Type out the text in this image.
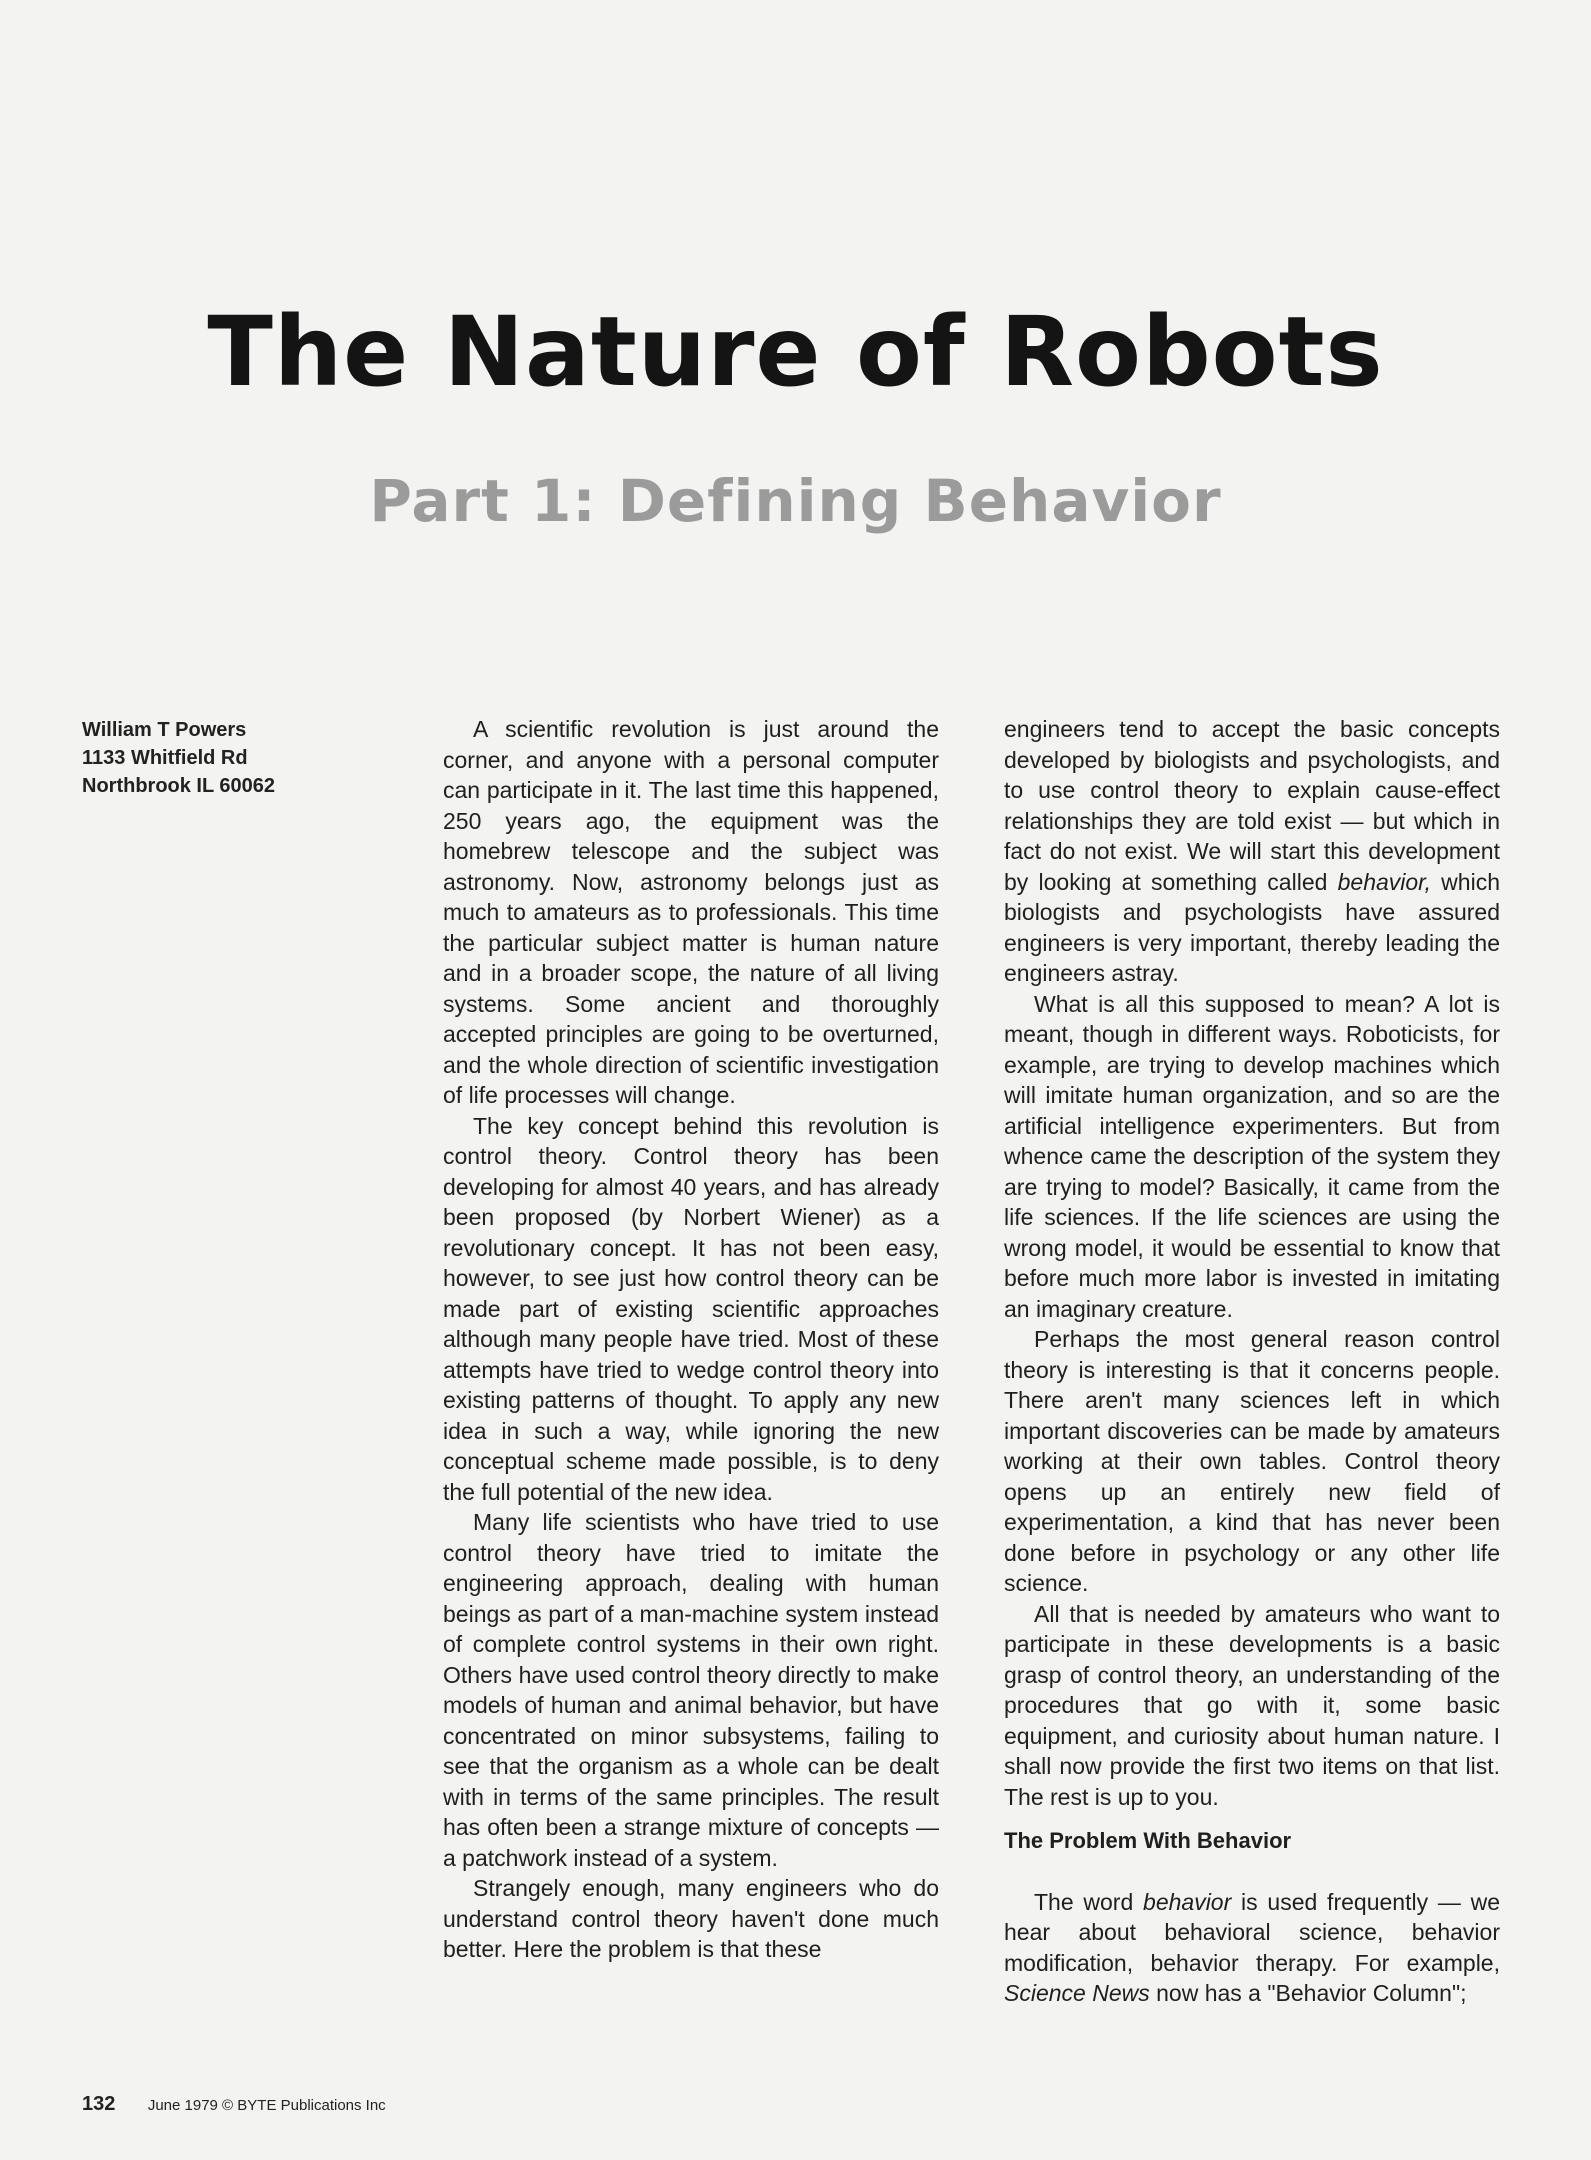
The Nature of Robots
Part 1: Defining Behavior
William T Powers
1133 Whitfield Rd
Northbrook IL 60062

A scientific revolution is just around the corner, and anyone with a personal computer can participate in it. The last time this happened, 250 years ago, the equipment was the homebrew telescope and the subject was astronomy. Now, astronomy belongs just as much to amateurs as to professionals. This time the particular subject matter is human nature and in a broader scope, the nature of all living systems. Some ancient and thoroughly accepted principles are going to be overturned, and the whole direction of scientific investigation of life processes will change.

The key concept behind this revolution is control theory. Control theory has been developing for almost 40 years, and has already been proposed (by Norbert Wiener) as a revolutionary concept. It has not been easy, however, to see just how control theory can be made part of existing scientific approaches although many people have tried. Most of these attempts have tried to wedge control theory into existing patterns of thought. To apply any new idea in such a way, while ignoring the new conceptual scheme made possible, is to deny the full potential of the new idea.

Many life scientists who have tried to use control theory have tried to imitate the engineering approach, dealing with human beings as part of a man-machine system instead of complete control systems in their own right. Others have used control theory directly to make models of human and animal behavior, but have concentrated on minor subsystems, failing to see that the organism as a whole can be dealt with in terms of the same principles. The result has often been a strange mixture of concepts — a patchwork instead of a system.

Strangely enough, many engineers who do understand control theory haven't done much better. Here the problem is that these

engineers tend to accept the basic concepts developed by biologists and psychologists, and to use control theory to explain cause-effect relationships they are told exist — but which in fact do not exist. We will start this development by looking at something called behavior, which biologists and psychologists have assured engineers is very important, thereby leading the engineers astray.

What is all this supposed to mean? A lot is meant, though in different ways. Roboticists, for example, are trying to develop machines which will imitate human organization, and so are the artificial intelligence experimenters. But from whence came the description of the system they are trying to model? Basically, it came from the life sciences. If the life sciences are using the wrong model, it would be essential to know that before much more labor is invested in imitating an imaginary creature.

Perhaps the most general reason control theory is interesting is that it concerns people. There aren't many sciences left in which important discoveries can be made by amateurs working at their own tables. Control theory opens up an entirely new field of experimentation, a kind that has never been done before in psychology or any other life science.

All that is needed by amateurs who want to participate in these developments is a basic grasp of control theory, an understanding of the procedures that go with it, some basic equipment, and curiosity about human nature. I shall now provide the first two items on that list. The rest is up to you.

The Problem With Behavior

The word behavior is used frequently — we hear about behavioral science, behavior modification, behavior therapy. For example, Science News now has a "Behavior Column";

132 June 1979 © BYTE Publications Inc
